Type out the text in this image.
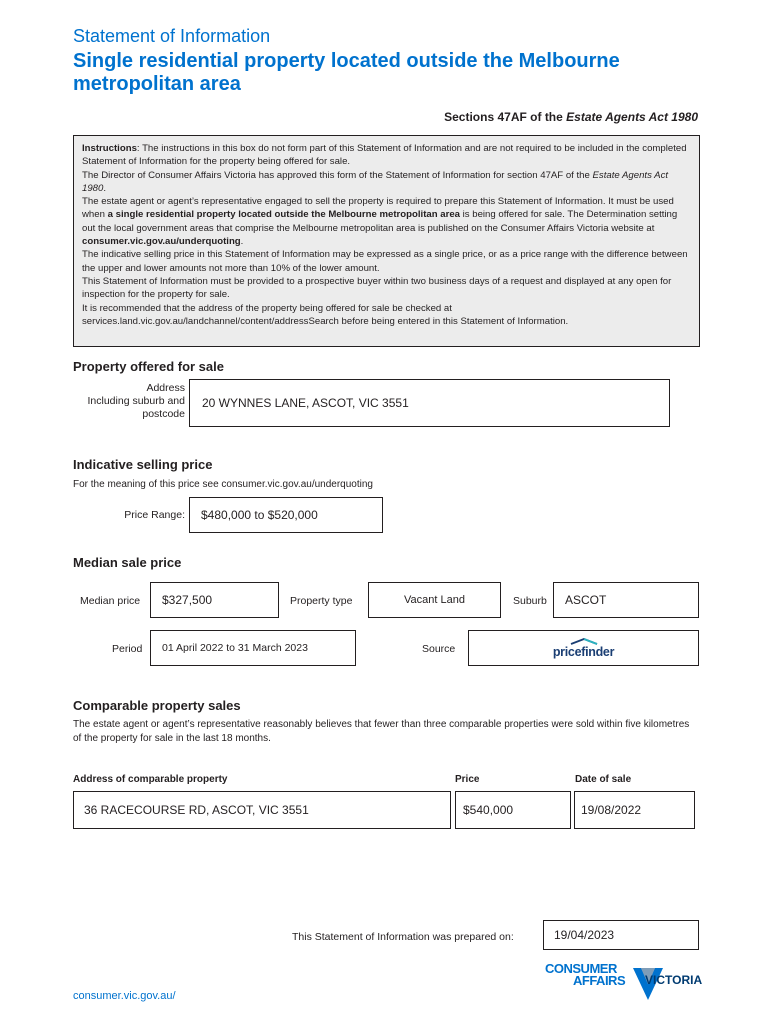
Statement of Information
Single residential property located outside the Melbourne metropolitan area
Sections 47AF of the Estate Agents Act 1980

Instructions: The instructions in this box do not form part of this Statement of Information and are not required to be included in the completed Statement of Information for the property being offered for sale.

The Director of Consumer Affairs Victoria has approved this form of the Statement of Information for section 47AF of the Estate Agents Act 1980.

The estate agent or agent’s representative engaged to sell the property is required to prepare this Statement of Information. It must be used when a single residential property located outside the Melbourne metropolitan area is being offered for sale. The Determination setting out the local government areas that comprise the Melbourne metropolitan area is published on the Consumer Affairs Victoria website at consumer.vic.gov.au/underquoting.

The indicative selling price in this Statement of Information may be expressed as a single price, or as a price range with the difference between the upper and lower amounts not more than 10% of the lower amount.

This Statement of Information must be provided to a prospective buyer within two business days of a request and displayed at any open for inspection for the property for sale.

It is recommended that the address of the property being offered for sale be checked at services.land.vic.gov.au/landchannel/content/addressSearch before being entered in this Statement of Information.

Property offered for sale
Address
Including suburb and
postcode
20 WYNNES LANE, ASCOT, VIC 3551
Indicative selling price
For the meaning of this price see consumer.vic.gov.au/underquoting
Price Range: $480,000 to $520,000
Median sale price
Median price $327,500	Property type	Vacant Land	Suburb ASCOT
Period 01 April 2022 to 31 March 2023	Source	pricefinder
Comparable property sales
The estate agent or agent’s representative reasonably believes that fewer than three comparable properties were sold within five kilometres of the property for sale in the last 18 months.
Address of comparable property	Price	Date of sale
36 RACECOURSE RD, ASCOT, VIC 3551	$540,000	19/08/2022
This Statement of Information was prepared on:	19/04/2023
CONSUMER
AFFAIRS VICTORIA
consumer.vic.gov.au/
